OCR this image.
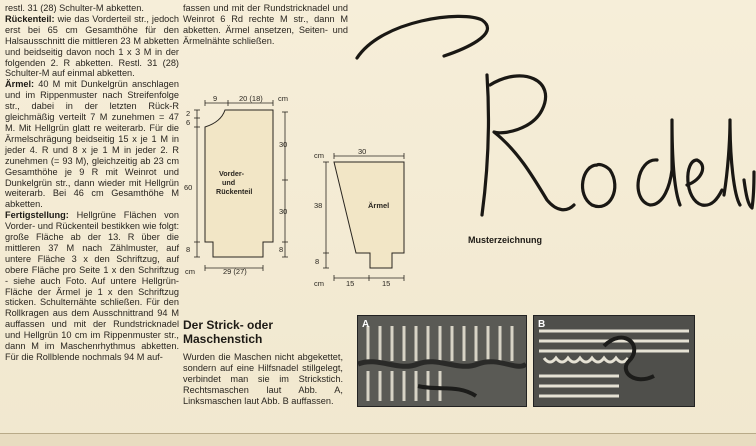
restl. 31 (28) Schulter-M abketten.

Rückenteil: wie das Vorderteil str., jedoch erst bei 65 cm Gesamthöhe für den Halsausschnitt die mittleren 23 M abketten und beidseitig davon noch 1 x 3 M in der folgenden 2. R abketten. Restl. 31 (28) Schulter-M auf einmal abketten.

Ärmel: 40 M mit Dunkelgrün anschlagen und im Rippenmuster nach Streifenfolge str., dabei in der letzten Rück-R gleichmäßig verteilt 7 M zunehmen = 47 M. Mit Hellgrün glatt re weiterarb. Für die Ärmelschrägung beidseitig 15 x je 1 M in jeder 4. R und 8 x je 1 M in jeder 2. R zunehmen (= 93 M), gleichzeitig ab 23 cm Gesamthöhe je 9 R mit Weinrot und Dunkelgrün str., dann wieder mit Hellgrün weiterarb. Bei 46 cm Gesamthöhe M abketten.

Fertigstellung: Hellgrüne Flächen von Vorder- und Rückenteil bestikken wie folgt: große Fläche ab der 13. R über die mittleren 37 M nach Zählmuster, auf untere Fläche 3 x den Schriftzug, auf obere Fläche pro Seite 1 x den Schriftzug - siehe auch Foto. Auf untere Hellgrün-Fläche der Ärmel je 1 x den Schriftzug sticken. Schulternähte schließen. Für den Rollkragen aus dem Ausschnittrand 94 M auffassen und mit der Rundstricknadel und Hellgrün 10 cm im Rippenmuster str., dann M im Maschenrhythmus abketten. Für die Rollblende nochmals 94 M auf-

fassen und mit der Rundstricknadel und Weinrot 6 Rd rechte M str., dann M abketten. Ärmel ansetzen, Seiten- und Ärmelnähte schließen.

9	20 (18) cm
2
6
60
8
30
30
8
cm	29 (27)
Vorder-
und
Rückenteil
cm	30
38
8
cm	15	15
Ärmel
Musterzeichnung
Der Strick- oder
Maschenstich
Wurden die Maschen nicht abgekettet, sondern auf eine Hilfsnadel stillgelegt, verbindet man sie im Strickstich. Rechtsmaschen laut Abb. A, Linksmaschen laut Abb. B auffassen.
A	B
